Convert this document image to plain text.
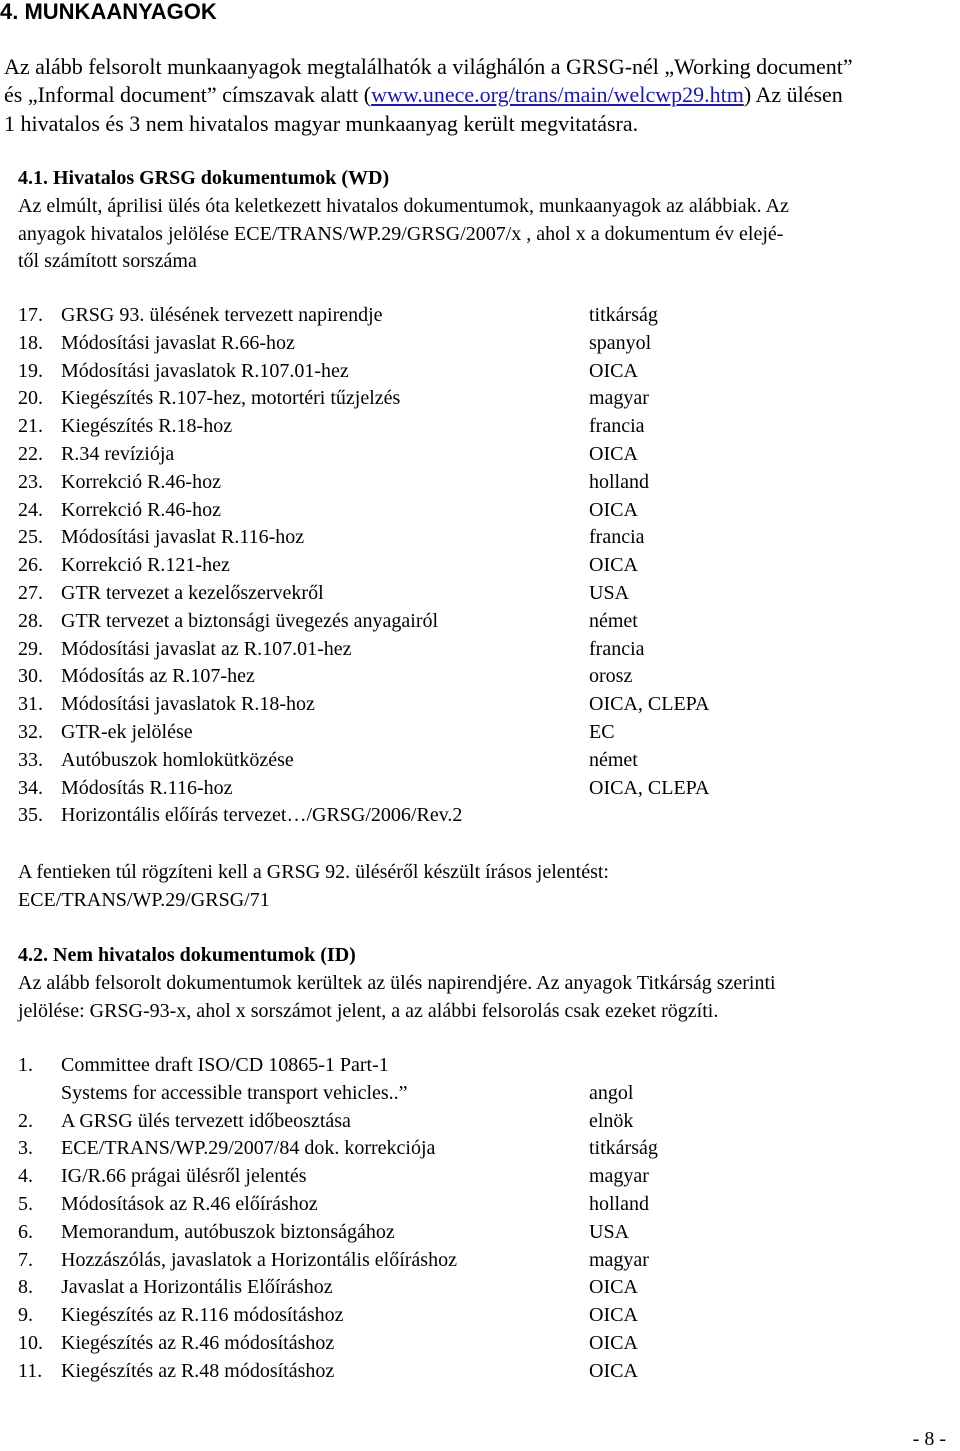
4. MUNKAANYAGOK
Az alább felsorolt munkaanyagok megtalálhatók a világhálón a GRSG-nél „Working document”
és „Informal document” címszavak alatt (www.unece.org/trans/main/welcwp29.htm) Az ülésen
1 hivatalos és 3 nem hivatalos magyar munkaanyag került megvitatásra.
4.1. Hivatalos GRSG dokumentumok (WD)
Az elmúlt, áprilisi ülés óta keletkezett hivatalos dokumentumok, munkaanyagok az alábbiak. Az
anyagok hivatalos jelölése ECE/TRANS/WP.29/GRSG/2007/x , ahol x a dokumentum év elejé-
től számított sorszáma
17. GRSG 93. ülésének tervezett napirendje	titkárság
18. Módosítási javaslat R.66-hoz	spanyol
19. Módosítási javaslatok R.107.01-hez	OICA
20. Kiegészítés R.107-hez, motortéri tűzjelzés	magyar
21. Kiegészítés R.18-hoz	francia
22. R.34 revíziója	OICA
23. Korrekció R.46-hoz	holland
24. Korrekció R.46-hoz	OICA
25. Módosítási javaslat R.116-hoz	francia
26. Korrekció R.121-hez	OICA
27. GTR tervezet a kezelőszervekről	USA
28. GTR tervezet a biztonsági üvegezés anyagairól	német
29. Módosítási javaslat az R.107.01-hez	francia
30. Módosítás az R.107-hez	orosz
31. Módosítási javaslatok R.18-hoz	OICA, CLEPA
32. GTR-ek jelölése	EC
33. Autóbuszok homlokütközése	német
34. Módosítás R.116-hoz	OICA, CLEPA
35. Horizontális előírás tervezet…/GRSG/2006/Rev.2
A fentieken túl rögzíteni kell a GRSG 92. üléséről készült írásos jelentést:
ECE/TRANS/WP.29/GRSG/71
4.2. Nem hivatalos dokumentumok (ID)
Az alább felsorolt dokumentumok kerültek az ülés napirendjére. Az anyagok Titkárság szerinti
jelölése: GRSG-93-x, ahol x sorszámot jelent, a az alábbi felsorolás csak ezeket rögzíti.
1. Committee draft ISO/CD 10865-1 Part-1
Systems for accessible transport vehicles..”	angol
2. A GRSG ülés tervezett időbeosztása	elnök
3. ECE/TRANS/WP.29/2007/84 dok. korrekciója	titkárság
4. IG/R.66 prágai ülésről jelentés	magyar
5. Módosítások az R.46 előíráshoz	holland
6. Memorandum, autóbuszok biztonságához	USA
7. Hozzászólás, javaslatok a Horizontális előíráshoz	magyar
8. Javaslat a Horizontális Előíráshoz	OICA
9. Kiegészítés az R.116 módosításhoz	OICA
10. Kiegészítés az R.46 módosításhoz	OICA
11. Kiegészítés az R.48 módosításhoz	OICA
- 8 -
